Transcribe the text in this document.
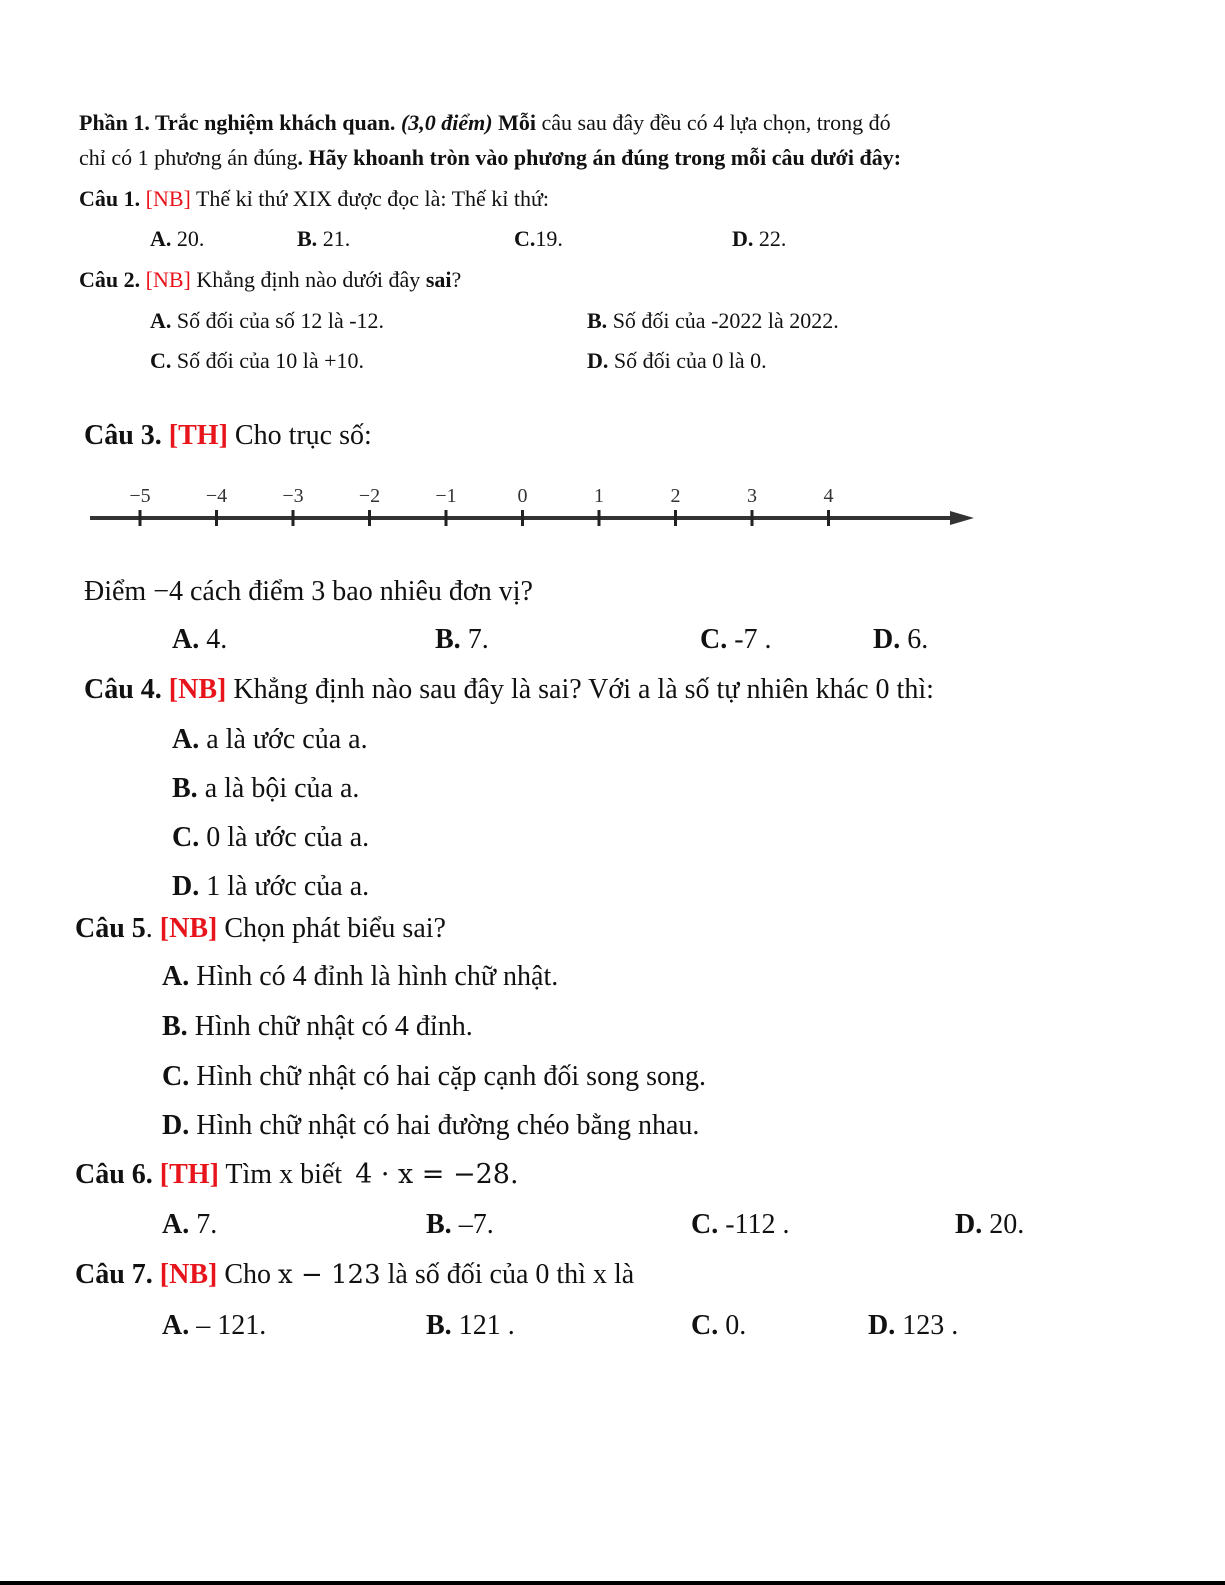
Phần 1. Trắc nghiệm khách quan. (3,0 điểm) Mỗi câu sau đây đều có 4 lựa chọn, trong đó
chỉ có 1 phương án đúng. Hãy khoanh tròn vào phương án đúng trong mỗi câu dưới đây:
Câu 1. [NB] Thế kỉ thứ XIX được đọc là: Thế kỉ thứ:
A. 20.	B. 21.	C.19.	D. 22.
Câu 2. [NB] Khẳng định nào dưới đây sai?
A. Số đối của số 12 là -12.	B. Số đối của -2022 là 2022.
C. Số đối của 10 là +10.	D. Số đối của 0 là 0.
Câu 3. [TH] Cho trục số:
−5	−4	−3	−2	−1	0	1	2	3	4
Điểm −4 cách điểm 3 bao nhiêu đơn vị?
A. 4.	B. 7.	C. -7 .	D. 6.
Câu 4. [NB] Khẳng định nào sau đây là sai? Với a là số tự nhiên khác 0 thì:
A. a là ước của a.
B. a là bội của a.
C. 0 là ước của a.
D. 1 là ước của a.
Câu 5. [NB] Chọn phát biểu sai?
A. Hình có 4 đỉnh là hình chữ nhật.
B. Hình chữ nhật có 4 đỉnh.
C. Hình chữ nhật có hai cặp cạnh đối song song.
D. Hình chữ nhật có hai đường chéo bằng nhau.
Câu 6. [TH] Tìm x biết 4 · x = −28.
A. 7.	B. –7.	C. -112 .	D. 20.
Câu 7. [NB] Cho x − 123 là số đối của 0 thì x là
A. – 121.	B. 121 .	C. 0.	D. 123 .
